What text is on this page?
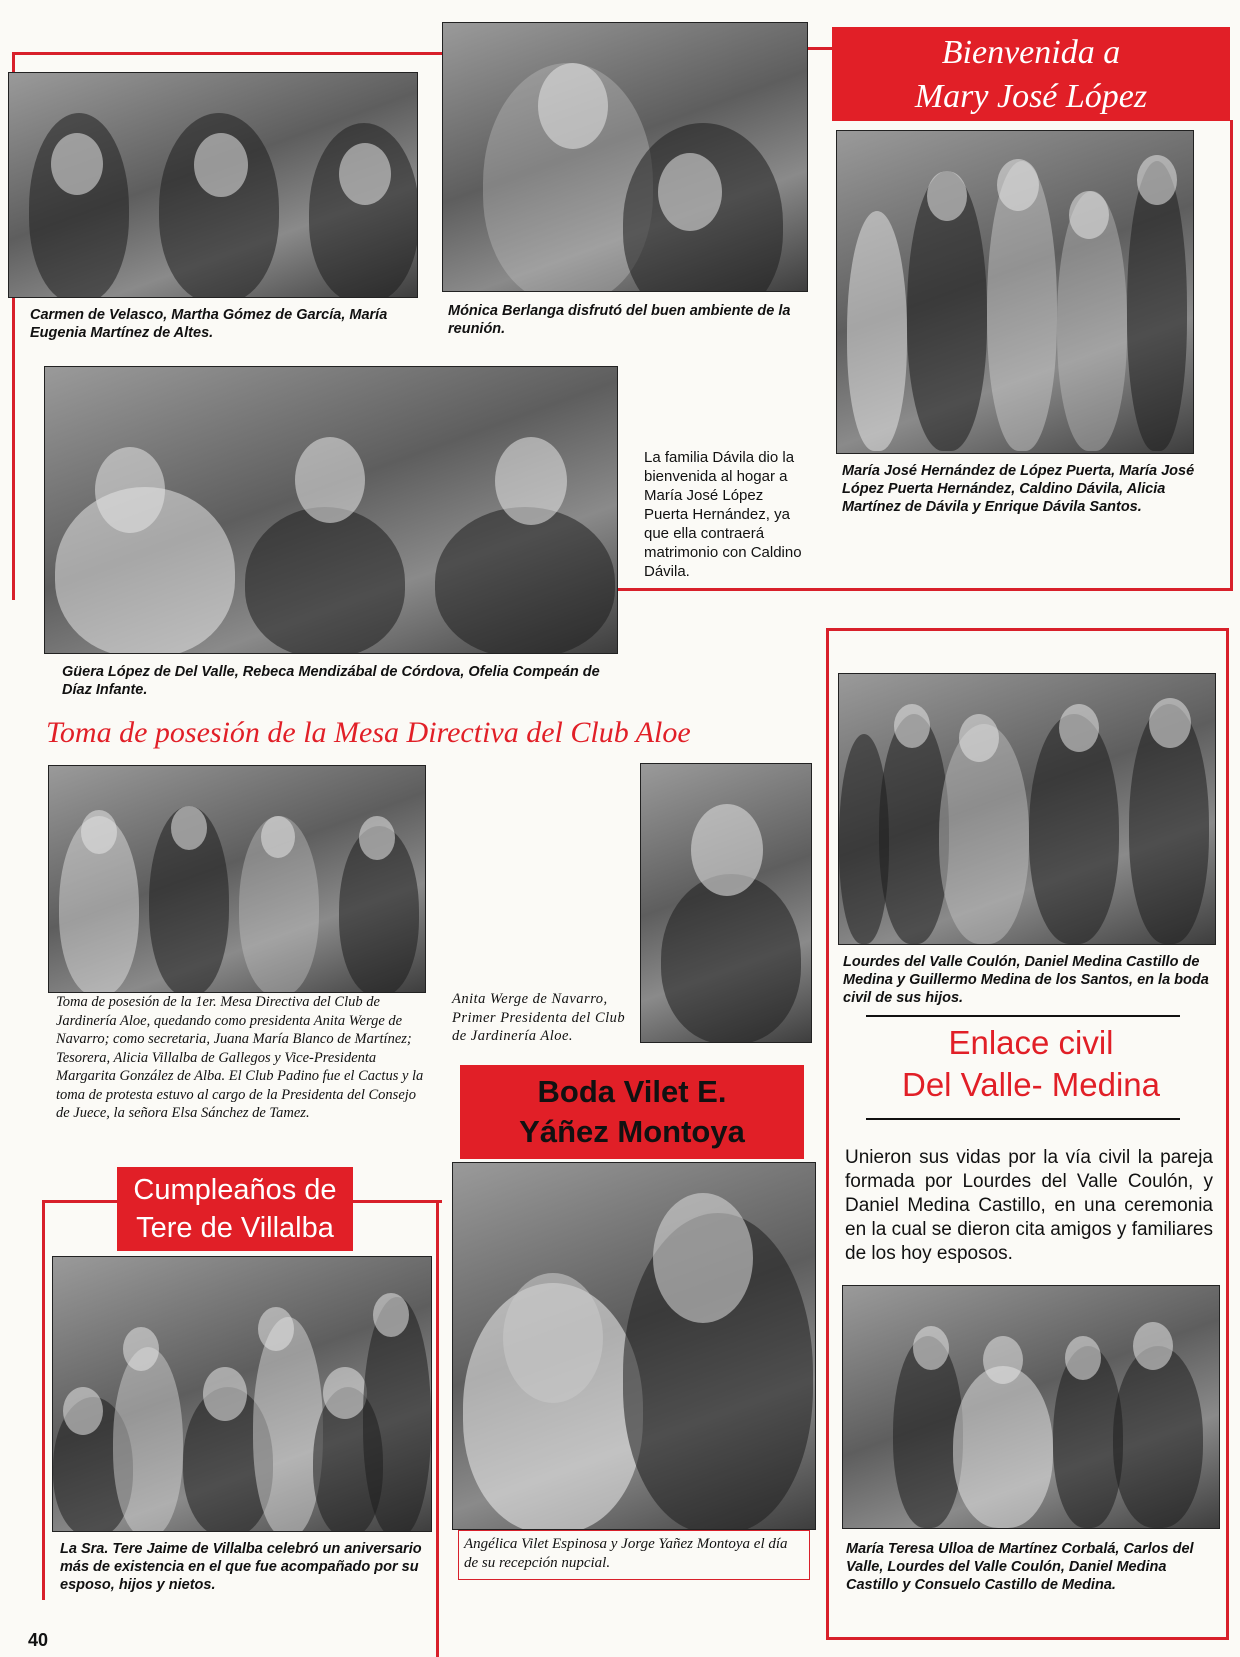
Carmen de Velasco, Martha Gómez de García, María Eugenia Martínez de Altes.
Mónica Berlanga disfrutó del buen ambiente de la reunión.
Bienvenida a
Mary José López
María José Hernández de López Puerta, María José López Puerta Hernández, Caldino Dávila, Alicia Martínez de Dávila y Enrique Dávila Santos.
La familia Dávila dio la bienvenida al hogar a María José López Puerta Hernández, ya que ella contraerá matrimonio con Caldino Dávila.
Güera López de Del Valle, Rebeca Mendizábal de Córdova, Ofelia Compeán de Díaz Infante.
Toma de posesión de la Mesa Directiva del Club Aloe
Toma de posesión de la 1er. Mesa Directiva del Club de Jardinería Aloe, quedando como presidenta Anita Werge de Navarro; como secretaria, Juana María Blanco de Martínez; Tesorera, Alicia Villalba de Gallegos y Vice-Presidenta Margarita González de Alba. El Club Padino fue el Cactus y la toma de protesta estuvo al cargo de la Presidenta del Consejo de Juece, la señora Elsa Sánchez de Tamez.
Anita Werge de Navarro, Primer Presidenta del Club de Jardinería Aloe.
Lourdes del Valle Coulón, Daniel Medina Castillo de Medina y Guillermo Medina de los Santos, en la boda civil de sus hijos.
Enlace civil
Del Valle- Medina
Unieron sus vidas por la vía civil la pareja formada por Lourdes del Valle Coulón, y Daniel Medina Castillo, en una ceremonia en la cual se dieron cita amigos y familiares de los hoy esposos.
María Teresa Ulloa de Martínez Corbalá, Carlos del Valle, Lourdes del Valle Coulón, Daniel Medina Castillo y Consuelo Castillo de Medina.
Boda Vilet E.
Yáñez Montoya
Angélica Vilet Espinosa y Jorge Yañez Montoya el día de su recepción nupcial.
Cumpleaños de
Tere de Villalba
La Sra. Tere Jaime de Villalba celebró un aniversario más de existencia en el que fue acompañado por su esposo, hijos y nietos.
40
